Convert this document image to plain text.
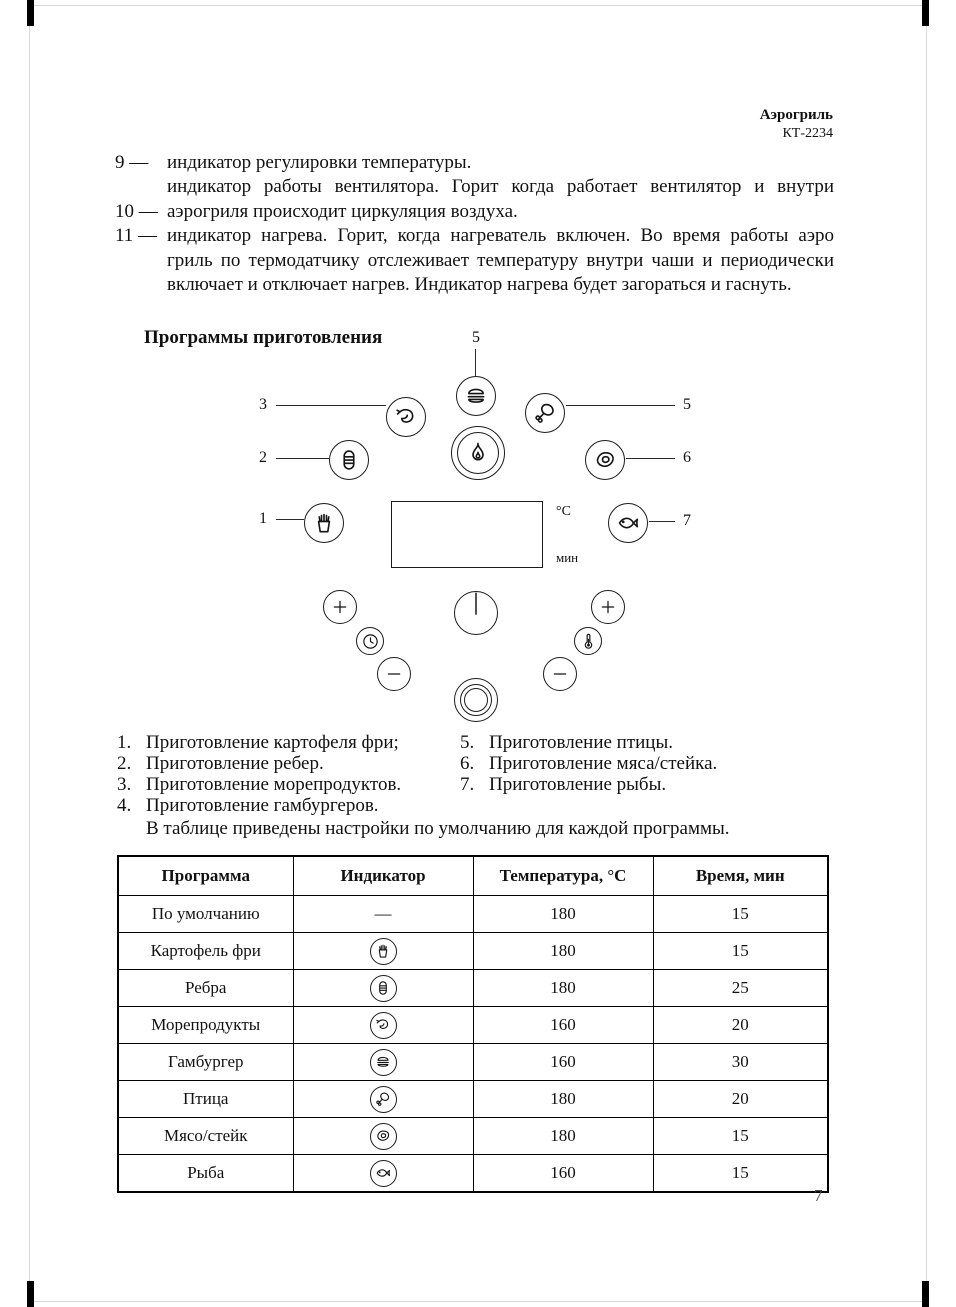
Аэрогриль
КТ-2234
9 — индикатор регулировки температуры.
индикатор работы вентилятора. Горит когда работает вентилятор и внутри
10 — аэрогриля происходит циркуляция воздуха.
11 — индикатор нагрева. Горит, когда нагреватель включен. Во время работы аэро
гриль по термодатчику отслеживает температуру внутри чаши и периодически
включает и отключает нагрев. Индикатор нагрева будет загораться и гаснуть.
Программы приготовления	5
3
2
1
5
6
7
°C
мин
1. Приготовление картофеля фри;	5. Приготовление птицы.
2. Приготовление ребер.	6. Приготовление мяса/стейка.
3. Приготовление морепродуктов.	7. Приготовление рыбы.
4. Приготовление гамбургеров.
В таблице приведены настройки по умолчанию для каждой программы.
Программа	Индикатор	Температура, °С	Время, мин
По умолчанию	—	180	15
Картофель фри		180	15
Ребра		180	25
Морепродукты		160	20
Гамбургер		160	30
Птица		180	20
Мясо/стейк		180	15
Рыба		160	15
7
